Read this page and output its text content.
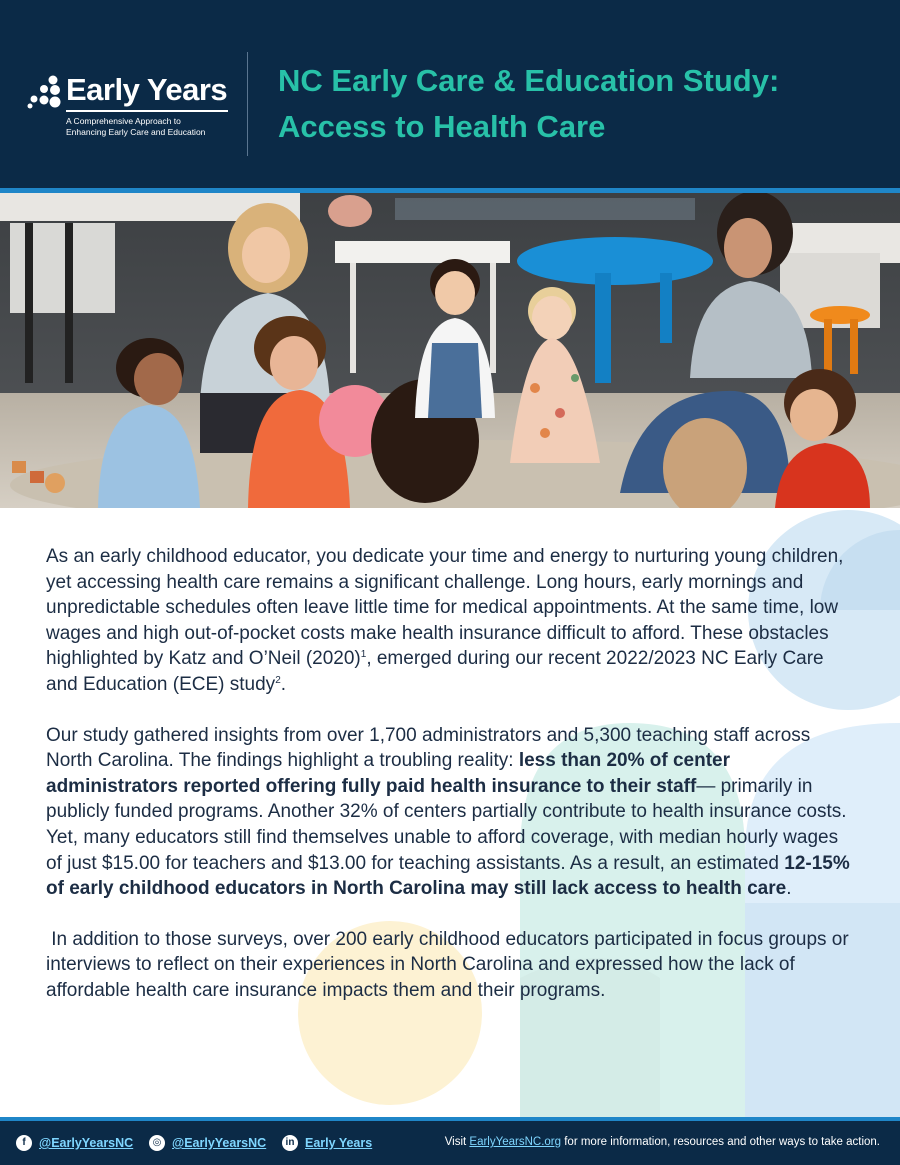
Early Years
A Comprehensive Approach to
Enhancing Early Care and Education
NC Early Care & Education Study:
Access to Health Care

As an early childhood educator, you dedicate your time and energy to nurturing young children, yet accessing health care remains a significant challenge. Long hours, early mornings and unpredictable schedules often leave little time for medical appointments. At the same time, low wages and high out-of-pocket costs make health insurance difficult to afford. These obstacles highlighted by Katz and O’Neil $(2020)^1$, emerged during our recent 2022/2023 NC Early Care and Education (ECE) study$^2$.

Our study gathered insights from over 1,700 administrators and 5,300 teaching staff across North Carolina. The findings highlight a troubling reality: less than 20% of center administrators reported offering fully paid health insurance to their staff— primarily in publicly funded programs. Another 32% of centers partially contribute to health insurance costs. Yet, many educators still find themselves unable to afford coverage, with median hourly wages of just $15.00 for teachers and $13.00 for teaching assistants. As a result, an estimated 12-15% of early childhood educators in North Carolina may still lack access to health care.

In addition to those surveys, over 200 early childhood educators participated in focus groups or interviews to reflect on their experiences in North Carolina and expressed how the lack of affordable health care insurance impacts them and their programs.

f @EarlyYearsNC	◎ @EarlyYearsNC	in Early Years	Visit EarlyYearsNC.org for more information, resources and other ways to take action.
